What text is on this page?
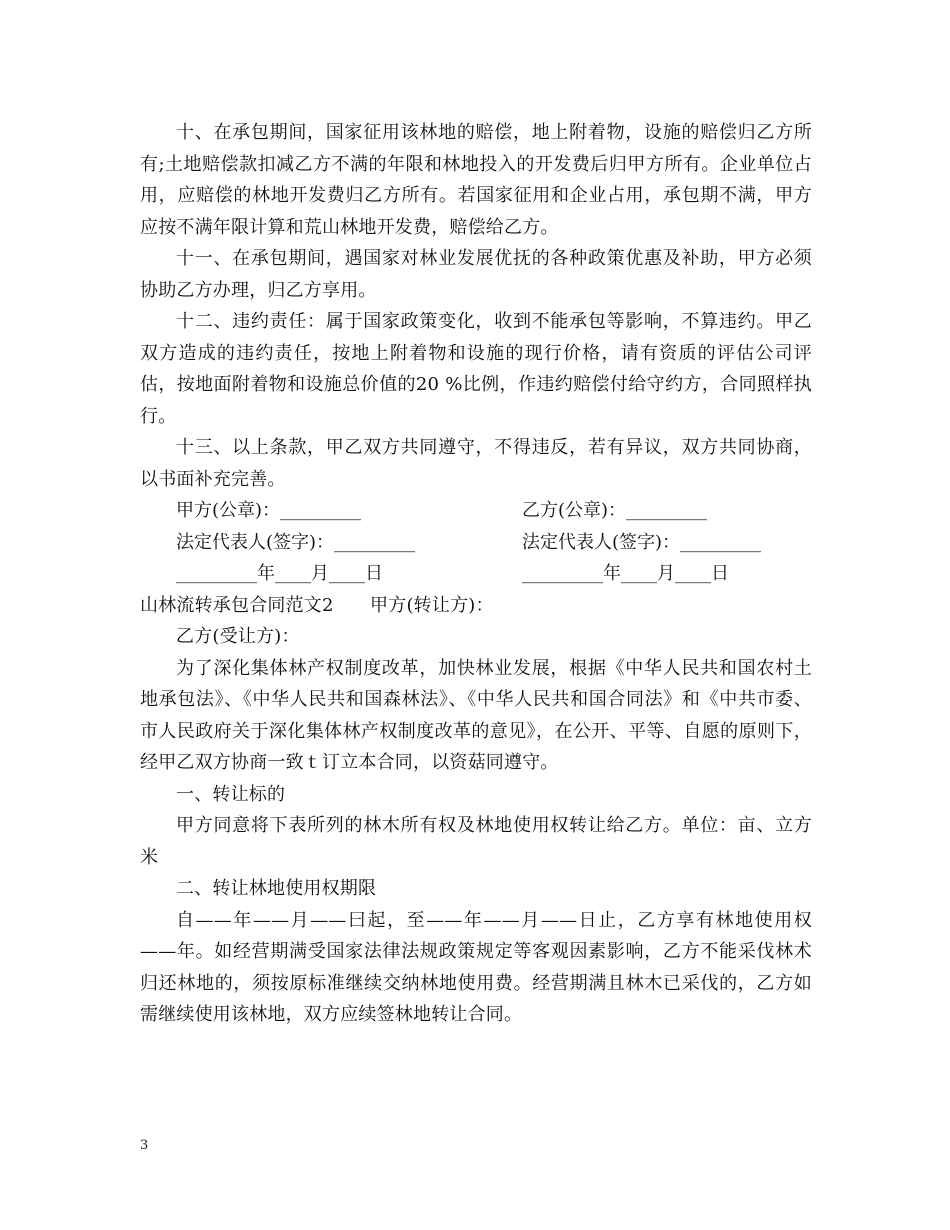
十、在承包期间，国家征用该林地的赔偿，地上附着物，设施的赔偿归乙方所有;土地赔偿款扣减乙方不满的年限和林地投入的开发费后归甲方所有。企业单位占用，应赔偿的林地开发费归乙方所有。若国家征用和企业占用，承包期不满，甲方应按不满年限计算和荒山林地开发费，赔偿给乙方。

十一、在承包期间，遇国家对林业发展优抚的各种政策优惠及补助，甲方必须协助乙方办理，归乙方享用。

十二、违约责任：属于国家政策变化，收到不能承包等影响，不算违约。甲乙双方造成的违约责任，按地上附着物和设施的现行价格，请有资质的评估公司评估，按地面附着物和设施总价值的20 %比例，作违约赔偿付给守约方，合同照样执行。

十三、以上条款，甲乙双方共同遵守，不得违反，若有异议，双方共同协商，以书面补充完善。

甲方(公章)：_________	乙方(公章)：_________
法定代表人(签字)：_________	法定代表人(签字)：_________
_________年____月____日	_________年____月____日

山林流转承包合同范文2　　甲方(转让方)：

乙方(受让方)：

为了深化集体林产权制度改革，加快林业发展，根据《中华人民共和国农村土地承包法》、《中华人民共和国森林法》、《中华人民共和国合同法》和《中共市委、市人民政府关于深化集体林产权制度改革的意见》，在公开、平等、自愿的原则下，经甲乙双方协商一致ｔ订立本合同，以资菇同遵守。

一、转让标的

甲方同意将下表所列的林木所有权及林地使用权转让给乙方。单位：亩、立方米

二、转让林地使用权期限

自——年——月——曰起，至——年——月——日止，乙方享有林地使用权——年。如经营期满受国家法律法规政策规定等客观因素影响，乙方不能采伐林术归还林地的，须按原标准继续交纳林地使用费。经营期满且林木已采伐的，乙方如需继续使用该林地，双方应续签林地转让合同。

3
